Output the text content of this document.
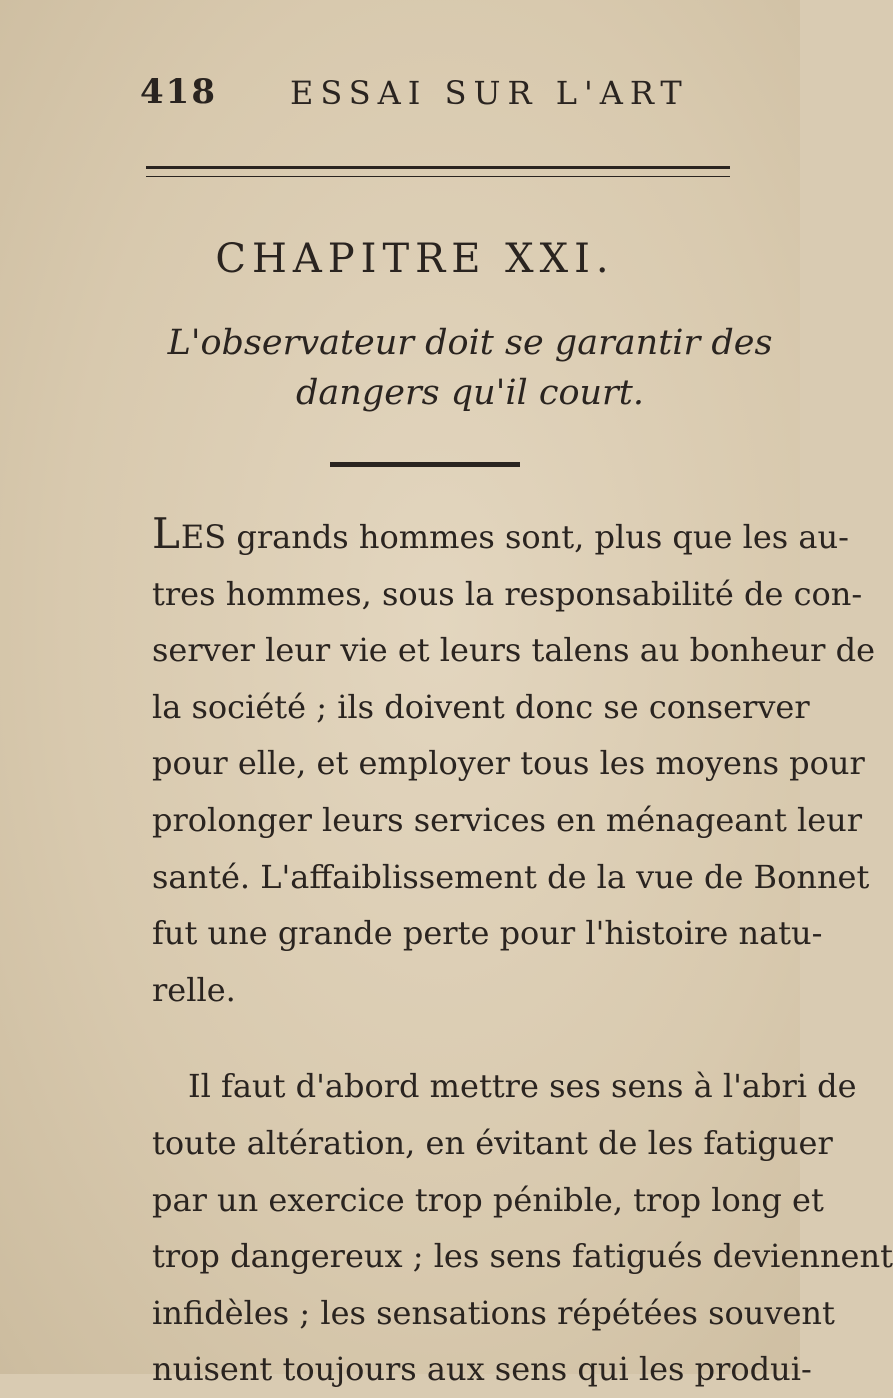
418 ESSAI SUR L'ART
CHAPITRE XXI.
L'observateur doit se garantir des
dangers qu'il court.
LES grands hommes sont, plus que les au-
tres hommes, sous la responsabilité de con-
server leur vie et leurs talens au bonheur de
la société ; ils doivent donc se conserver
pour elle, et employer tous les moyens pour
prolonger leurs services en ménageant leur
santé. L'affaiblissement de la vue de Bonnet
fut une grande perte pour l'histoire natu-
relle.
Il faut d'abord mettre ses sens à l'abri de
toute altération, en évitant de les fatiguer
par un exercice trop pénible, trop long et
trop dangereux ; les sens fatigués deviennent
infidèles ; les sensations répétées souvent
nuisent toujours aux sens qui les produi-
